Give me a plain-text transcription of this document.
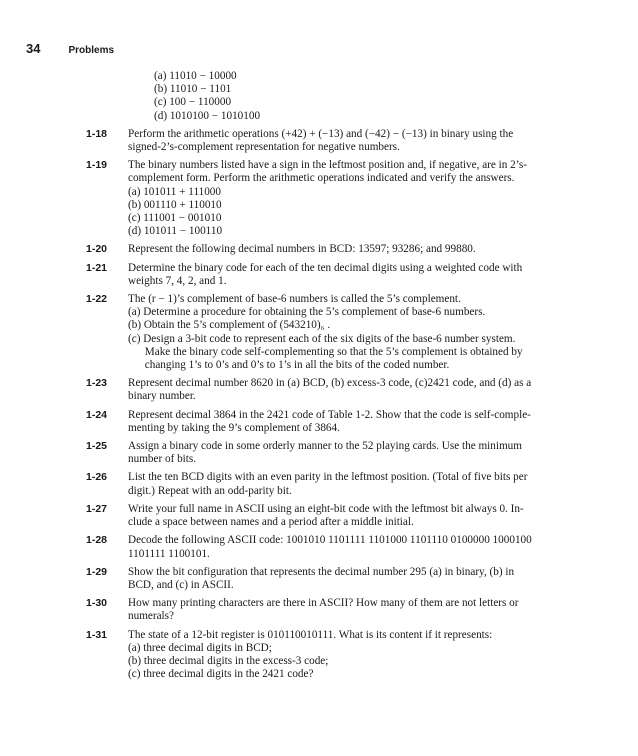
34	Problems
(a) 11010 − 10000
(b) 11010 − 1101
(c) 100 − 110000
(d) 1010100 − 1010100
1-18 Perform the arithmetic operations (+42) + (−13) and (−42) − (−13) in binary using the
signed-2’s-complement representation for negative numbers.
1-19 The binary numbers listed have a sign in the leftmost position and, if negative, are in 2’s-
complement form. Perform the arithmetic operations indicated and verify the answers.
(a) 101011 + 111000
(b) 001110 + 110010
(c) 111001 − 001010
(d) 101011 − 100110
1-20 Represent the following decimal numbers in BCD: 13597; 93286; and 99880.
1-21 Determine the binary code for each of the ten decimal digits using a weighted code with
weights 7, 4, 2, and 1.
1-22 The (r − 1)’s complement of base-6 numbers is called the 5’s complement.
(a) Determine a procedure for obtaining the 5’s complement of base-6 numbers.
(b) Obtain the 5’s complement of (543210)₆ .
(c) Design a 3-bit code to represent each of the six digits of the base-6 number system.
Make the binary code self-complementing so that the 5’s complement is obtained by
changing 1’s to 0’s and 0’s to 1’s in all the bits of the coded number.
1-23 Represent decimal number 8620 in (a) BCD, (b) excess-3 code, (c)2421 code, and (d) as a
binary number.
1-24 Represent decimal 3864 in the 2421 code of Table 1-2. Show that the code is self-comple-
menting by taking the 9’s complement of 3864.
1-25 Assign a binary code in some orderly manner to the 52 playing cards. Use the minimum
number of bits.
1-26 List the ten BCD digits with an even parity in the leftmost position. (Total of five bits per
digit.) Repeat with an odd-parity bit.
1-27 Write your full name in ASCII using an eight-bit code with the leftmost bit always 0. In-
clude a space between names and a period after a middle initial.
1-28 Decode the following ASCII code: 1001010 1101111 1101000 1101110 0100000 1000100
1101111 1100101.
1-29 Show the bit configuration that represents the decimal number 295 (a) in binary, (b) in
BCD, and (c) in ASCII.
1-30 How many printing characters are there in ASCII? How many of them are not letters or
numerals?
1-31 The state of a 12-bit register is 010110010111. What is its content if it represents:
(a) three decimal digits in BCD;
(b) three decimal digits in the excess-3 code;
(c) three decimal digits in the 2421 code?
